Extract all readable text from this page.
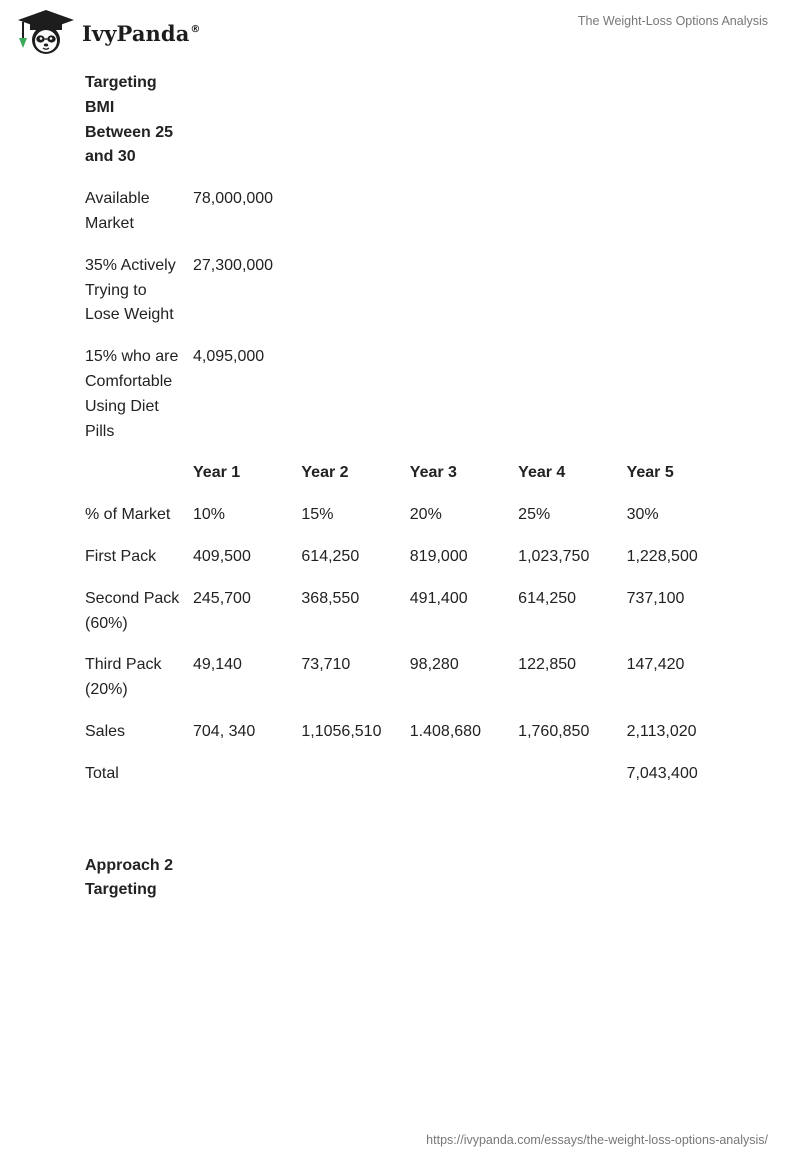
IvyPanda®
The Weight-Loss Options Analysis
Targeting BMI Between 25 and 30					
Available Market	78,000,000				
35% Actively Trying to Lose Weight	27,300,000				
15% who are Comfortable Using Diet Pills	4,095,000				
	Year 1	Year 2	Year 3	Year 4	Year 5
% of Market	10%	15%	20%	25%	30%
First Pack	409,500	614,250	819,000	1,023,750	1,228,500
Second Pack (60%)	245,700	368,550	491,400	614,250	737,100
Third Pack (20%)	49,140	73,710	98,280	122,850	147,420
Sales	704, 340	1,1056,510	1.408,680	1,760,850	2,113,020
Total					7,043,400

Approach 2 Targeting					
https://ivypanda.com/essays/the-weight-loss-options-analysis/
